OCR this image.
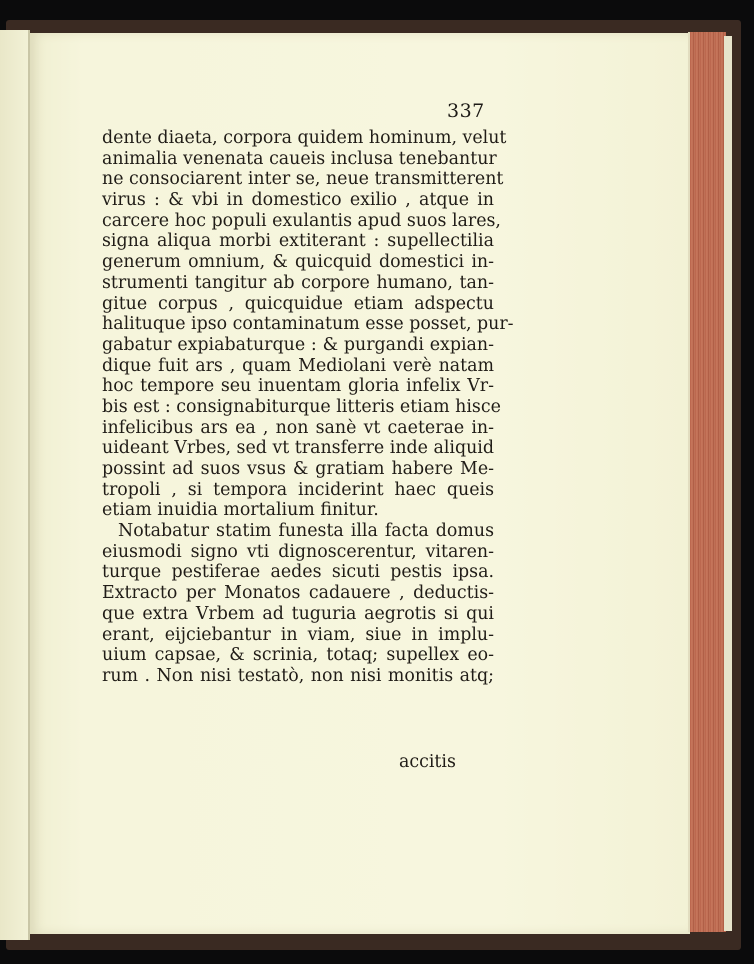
337
dente diaeta, corpora quidem hominum, velut
animalia venenata caueis inclusa tenebantur
ne consociarent inter se, neue transmitterent
virus : & vbi in domestico exilio , atque in
carcere hoc populi exulantis apud suos lares,
signa aliqua morbi extiterant : supellectilia
generum omnium, & quicquid domestici in-
strumenti tangitur ab corpore humano, tan-
gitue corpus , quicquidue etiam adspectu
halituque ipso contaminatum esse posset, pur-
gabatur expiabaturque : & purgandi expian-
dique fuit ars , quam Mediolani verè natam
hoc tempore seu inuentam gloria infelix Vr-
bis est : consignabiturque litteris etiam hisce
infelicibus ars ea , non sanè vt caeterae in-
uideant Vrbes, sed vt transferre inde aliquid
possint ad suos vsus & gratiam habere Me-
tropoli , si tempora inciderint haec queis
etiam inuidia mortalium finitur.
Notabatur statim funesta illa facta domus
eiusmodi signo vti dignoscerentur, vitaren-
turque pestiferae aedes sicuti pestis ipsa.
Extracto per Monatos cadauere , deductis-
que extra Vrbem ad tuguria aegrotis si qui
erant, eijciebantur in viam, siue in implu-
uium capsae, & scrinia, totaq; supellex eo-
rum . Non nisi testatò, non nisi monitis atq;
accitis
